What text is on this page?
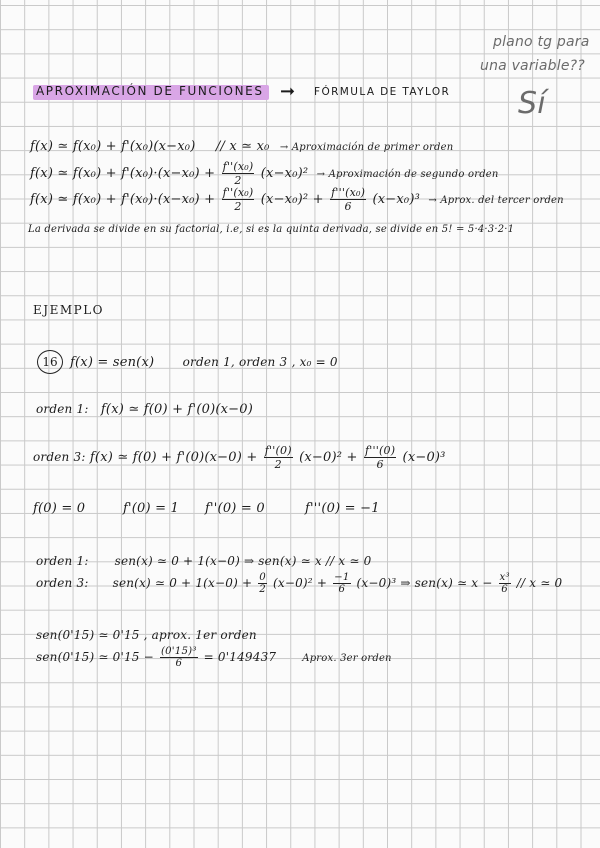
plano tg para
una variable??
Sí
APROXIMACIÓN DE FUNCIONES ➞ FÓRMULA DE TAYLOR
f(x) ≃ f(x₀) + f'(x₀)(x−x₀) // x ≃ x₀ → Aproximación de primer orden
f(x) ≃ $f(x_0) + f'(x_0)\cdot(x-x_0) + \frac{\text{f''(x₀)}}{2} (x-x_0)^2$ → Aproximación de segundo orden
f(x) ≃ $f(x_0) + f'(x_0)\cdot(x-x_0) + \frac{\text{f''(x₀)}}{2} (x-x_0)^2 + \frac{\text{f'''(x₀)}}{6} (x-x_0)^3$ → Aprox. del tercer orden
La derivada se divide en su factorial, i.e, si es la quinta derivada, se divide en 5! = 5·4·3·2·1
EJEMPLO
16 f(x) = sen(x) orden 1, orden 3 , x₀ = 0
orden 1: f(x) ≃ f(0) + f'(0)(x−0)
orden 3: f(x) ≃ $f(0) + f'(0)(x-0) + \frac{f''(0)}{2} (x-0)^2 + \frac{f'''(0)}{6} (x-0)^3$
f(0) = 0	f'(0) = 1 f''(0) = 0	f'''(0) = −1
orden 1: sen(x) ≃ 0 + 1(x−0) ⇒ sen(x) ≃ x // x ≃ 0
orden 3: sen(x) ≃ $0 + 1(x-0) + \frac{0}{2} (x-0)^2 + \frac{-1}{6} (x-0)^3$ ⇒ sen(x) ≃ $x - \frac{\text{x³}}{6} // x$ ≃ 0
sen(0'15) ≃ 0'15 , aprox. 1er orden
sen(0'15) ≃ $0'15 - \frac{\text{(0'15)³}}{6} = 0'149437$	Aprox. 3er orden
